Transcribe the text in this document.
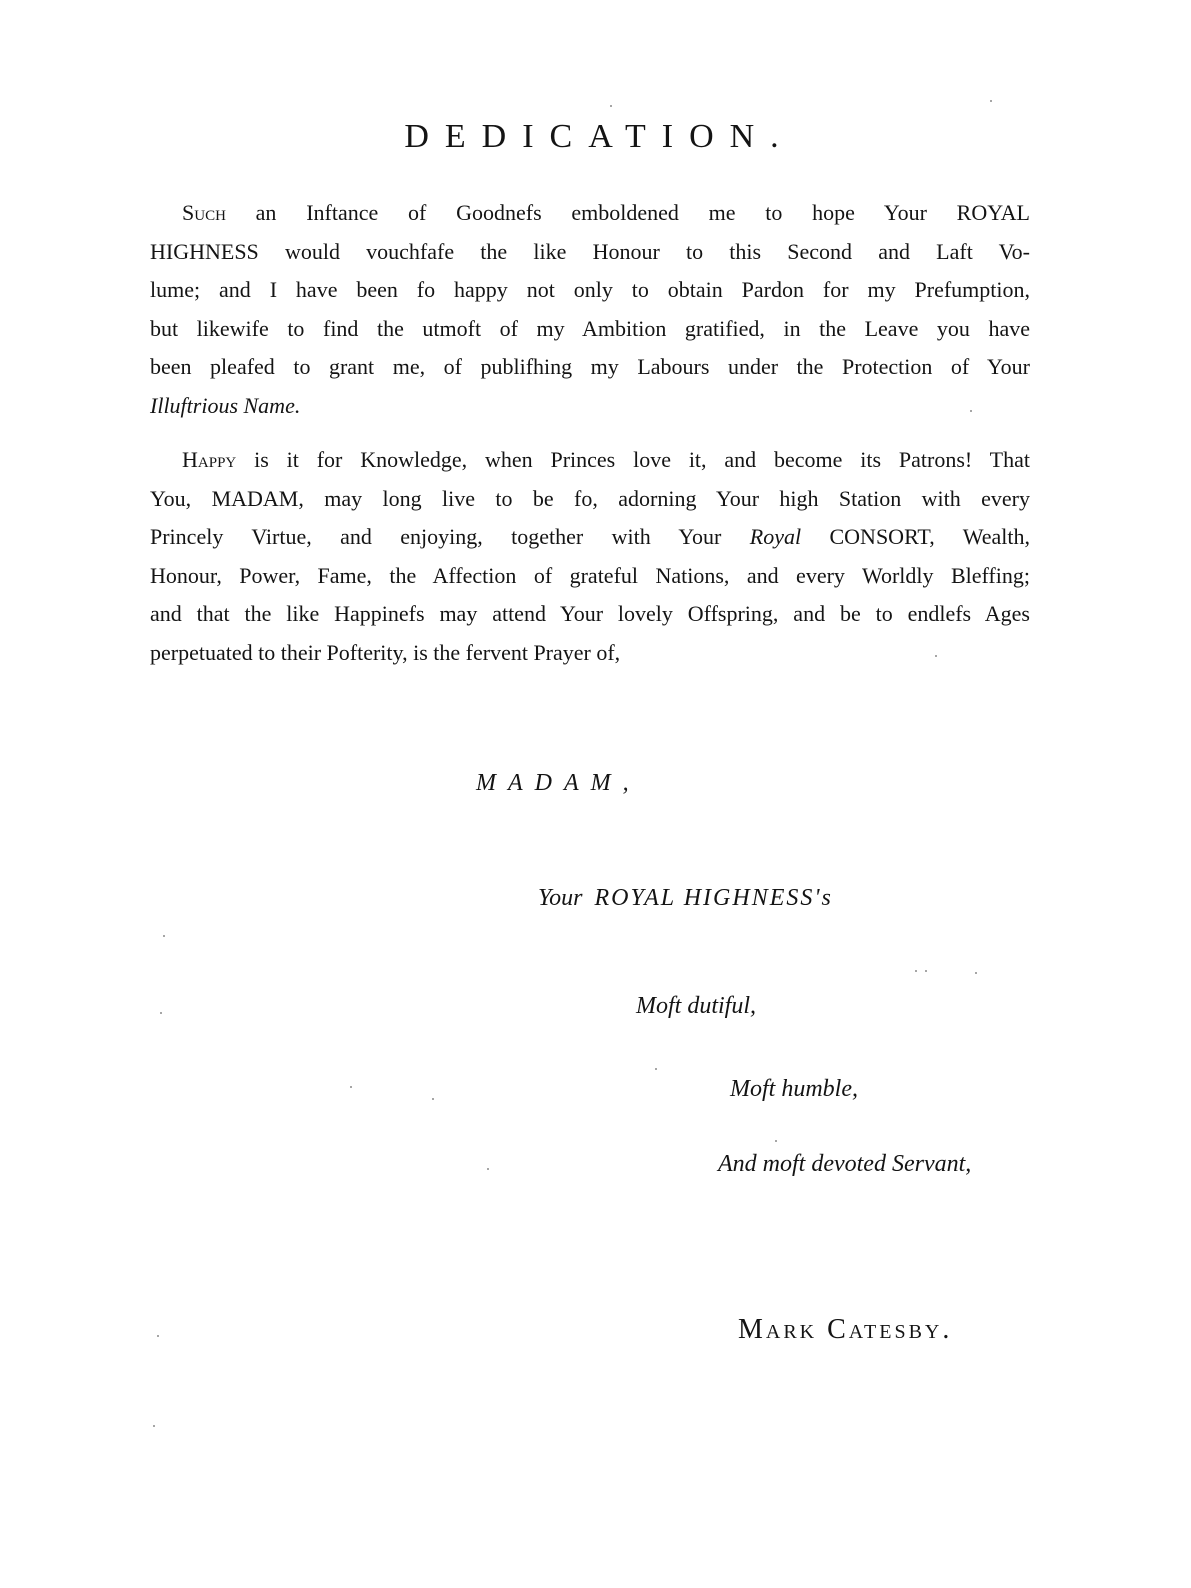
DEDICATION.
Such an Inftance of Goodnefs emboldened me to hope Your ROYAL
HIGHNESS would vouchfafe the like Honour to this Second and Laft Vo-
lume; and I have been fo happy not only to obtain Pardon for my Prefumption,
but likewife to find the utmoft of my Ambition gratified, in the Leave you have
been pleafed to grant me, of publifhing my Labours under the Protection of Your
Illuftrious Name.
Happy is it for Knowledge, when Princes love it, and become its Patrons! That
You, MADAM, may long live to be fo, adorning Your high Station with every
Princely Virtue, and enjoying, together with Your Royal CONSORT, Wealth,
Honour, Power, Fame, the Affection of grateful Nations, and every Worldly Bleffing;
and that the like Happinefs may attend Your lovely Offspring, and be to endlefs Ages
perpetuated to their Pofterity, is the fervent Prayer of,
MADAM,
Your ROYAL HIGHNESS's
Moft dutiful,
Moft humble,
And moft devoted Servant,
Mark Catesby.
